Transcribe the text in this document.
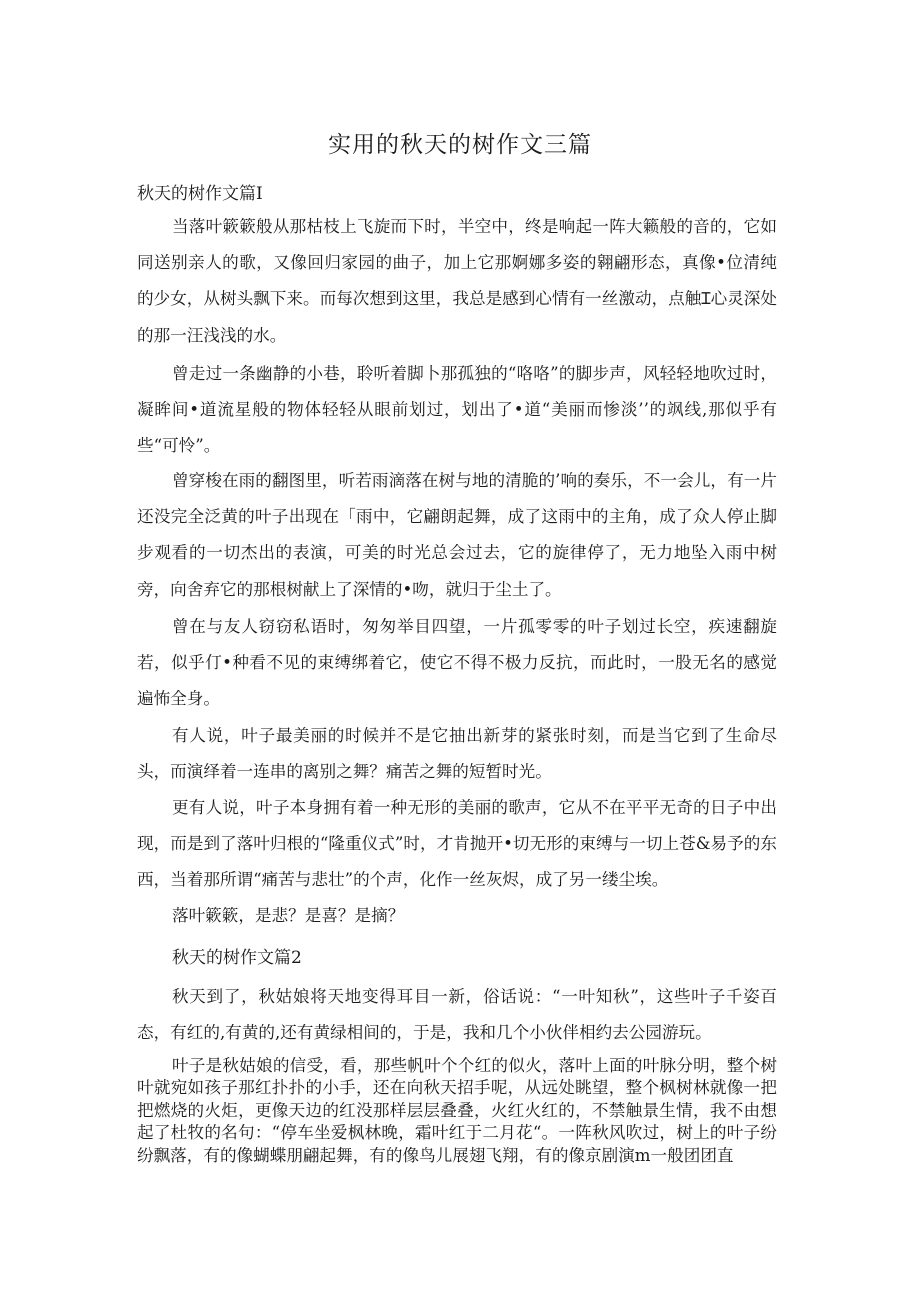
实用的秋天的树作文三篇
秋天的树作文篇Ⅰ

当落叶簌簌般从那枯枝上飞旋而下时，半空中，终是响起一阵大籁般的音的，它如同送别亲人的歌，又像回归家园的曲子，加上它那婀娜多姿的翱翩形态，真像•位清纯的少女，从树头飘下来。而每次想到这里，我总是感到心情有一丝激动，点触Ɪ心灵深处的那一汪浅浅的水。

曾走过一条幽静的小巷，聆听着脚卜那孤独的“咯咯”的脚步声，风轻轻地吹过时，凝眸间•道流星般的物体轻轻从眼前划过，划出了•道“美丽而惨淡’’的飒线,那似乎有些“可怜”。

曾穿梭在雨的翻图里，听若雨滴落在树与地的清脆的’响的奏乐，不一会儿，有一片还没完全泛黄的叶子出现在「雨中，它翩朗起舞，成了这雨中的主角，成了众人停止脚步观看的一切杰出的表演，可美的时光总会过去，它的旋律停了，无力地坠入雨中树旁，向舍弃它的那根树献上了深情的•吻，就归于尘土了。

曾在与友人窃窃私语时，匆匆举目四望，一片孤零零的叶子划过长空，疾速翻旋若，似乎仃•种看不见的束缚绑着它，使它不得不极力反抗，而此时，一股无名的感觉遍怖全身。

有人说，叶子最美丽的时候并不是它抽出新芽的紧张时刻，而是当它到了生命尽头，而演绎着一连串的离别之舞？痛苦之舞的短暂时光。

更有人说，叶子本身拥有着一种无形的美丽的歌声，它从不在平平无奇的日子中出现，而是到了落叶归根的“隆重仪式”时，才肯抛开•切无形的束缚与一切上苍&易予的东西，当着那所谓“痛苦与悲壮”的个声，化作一丝灰烬，成了另一缕尘埃。

落叶簌簌，是悲？是喜？是摘？

秋天的树作文篇2

秋天到了，秋姑娘将天地变得耳目一新，俗话说：“一叶知秋”，这些叶子千姿百态，有红的,有黄的,还有黄绿相间的，于是，我和几个小伙伴相约去公园游玩。

叶子是秋姑娘的信受，看，那些帆叶个个红的似火，落叶上面的叶脉分明，整个树叶就宛如孩子那红扑扑的小手，还在向秋天招手呢，从远处眺望，整个枫树林就像一把把燃烧的火炬，更像天边的红没那样层层叠叠，火红火红的，不禁触景生情，我不由想起了杜牧的名句：“停车坐爱枫林晚，霜叶红于二月花“。一阵秋风吹过，树上的叶子纷纷飘落，有的像蝴蝶朋翩起舞，有的像鸟儿展翅飞翔，有的像京剧演m一般团团直
